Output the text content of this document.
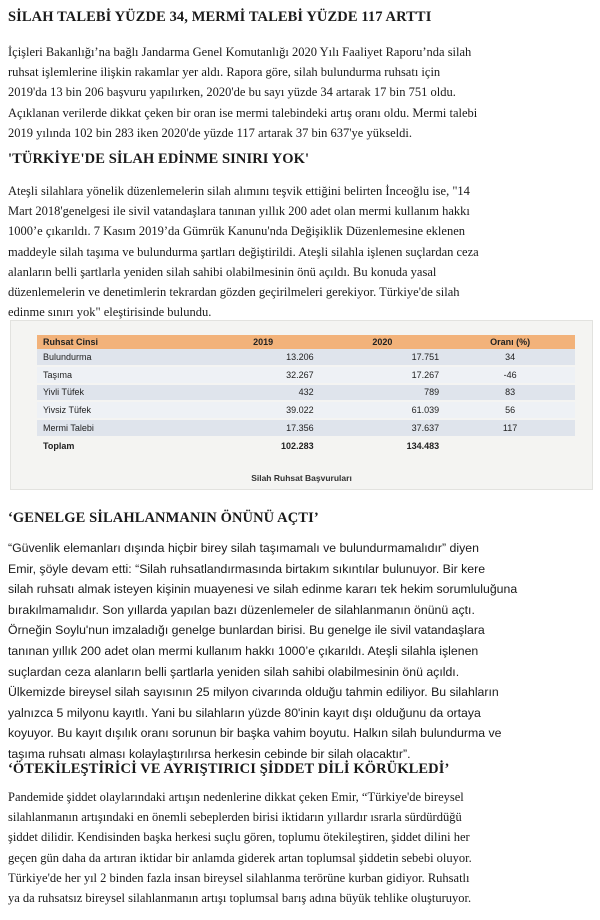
SİLAH TALEBİ YÜZDE 34, MERMİ TALEBİ YÜZDE 117 ARTTI
İçişleri Bakanlığı’na bağlı Jandarma Genel Komutanlığı 2020 Yılı Faaliyet Raporu’nda silah
ruhsat işlemlerine ilişkin rakamlar yer aldı. Rapora göre, silah bulundurma ruhsatı için
2019'da 13 bin 206 başvuru yapılırken, 2020'de bu sayı yüzde 34 artarak 17 bin 751 oldu.
Açıklanan verilerde dikkat çeken bir oran ise mermi talebindeki artış oranı oldu. Mermi talebi
2019 yılında 102 bin 283 iken 2020'de yüzde 117 artarak 37 bin 637'ye yükseldi.
'TÜRKİYE'DE SİLAH EDİNME SINIRI YOK'
Ateşli silahlara yönelik düzenlemelerin silah alımını teşvik ettiğini belirten İnceoğlu ise, "14
Mart 2018'genelgesi ile sivil vatandaşlara tanınan yıllık 200 adet olan mermi kullanım hakkı
1000’e çıkarıldı. 7 Kasım 2019’da Gümrük Kanunu'nda Değişiklik Düzenlemesine eklenen
maddeyle silah taşıma ve bulundurma şartları değiştirildi. Ateşli silahla işlenen suçlardan ceza
alanların belli şartlarla yeniden silah sahibi olabilmesinin önü açıldı. Bu konuda yasal
düzenlemelerin ve denetimlerin tekrardan gözden geçirilmeleri gerekiyor. Türkiye'de silah
edinme sınırı yok" eleştirisinde bulundu.
Ruhsat Cinsi	2019	2020	Oranı (%)
Bulundurma	13.206	17.751	34
Taşıma	32.267	17.267	-46
Yivli Tüfek	432	789	83
Yivsiz Tüfek	39.022	61.039	56
Mermi Talebi	17.356	37.637	117
Toplam	102.283	134.483	
Silah Ruhsat Başvuruları
‘GENELGE SİLAHLANMANIN ÖNÜNÜ AÇTI’
“Güvenlik elemanları dışında hiçbir birey silah taşımamalı ve bulundurmamalıdır” diyen
Emir, şöyle devam etti: “Silah ruhsatlandırmasında birtakım sıkıntılar bulunuyor. Bir kere
silah ruhsatı almak isteyen kişinin muayenesi ve silah edinme kararı tek hekim sorumluluğuna
bırakılmamalıdır. Son yıllarda yapılan bazı düzenlemeler de silahlanmanın önünü açtı.
Örneğin Soylu'nun imzaladığı genelge bunlardan birisi. Bu genelge ile sivil vatandaşlara
tanınan yıllık 200 adet olan mermi kullanım hakkı 1000’e çıkarıldı. Ateşli silahla işlenen
suçlardan ceza alanların belli şartlarla yeniden silah sahibi olabilmesinin önü açıldı.
Ülkemizde bireysel silah sayısının 25 milyon civarında olduğu tahmin ediliyor. Bu silahların
yalnızca 5 milyonu kayıtlı. Yani bu silahların yüzde 80'inin kayıt dışı olduğunu da ortaya
koyuyor. Bu kayıt dışılık oranı sorunun bir başka vahim boyutu. Halkın silah bulundurma ve
taşıma ruhsatı alması kolaylaştırılırsa herkesin cebinde bir silah olacaktır”.
‘ÖTEKİLEŞTİRİCİ VE AYRIŞTIRICI ŞİDDET DİLİ KÖRÜKLEDİ’
Pandemide şiddet olaylarındaki artışın nedenlerine dikkat çeken Emir, “Türkiye'de bireysel
silahlanmanın artışındaki en önemli sebeplerden birisi iktidarın yıllardır ısrarla sürdürdüğü
şiddet dilidir. Kendisinden başka herkesi suçlu gören, toplumu ötekileştiren, şiddet dilini her
geçen gün daha da artıran iktidar bir anlamda giderek artan toplumsal şiddetin sebebi oluyor.
Türkiye'de her yıl 2 binden fazla insan bireysel silahlanma terörüne kurban gidiyor. Ruhsatlı
ya da ruhsatsız bireysel silahlanmanın artışı toplumsal barış adına büyük tehlike oluşturuyor.
